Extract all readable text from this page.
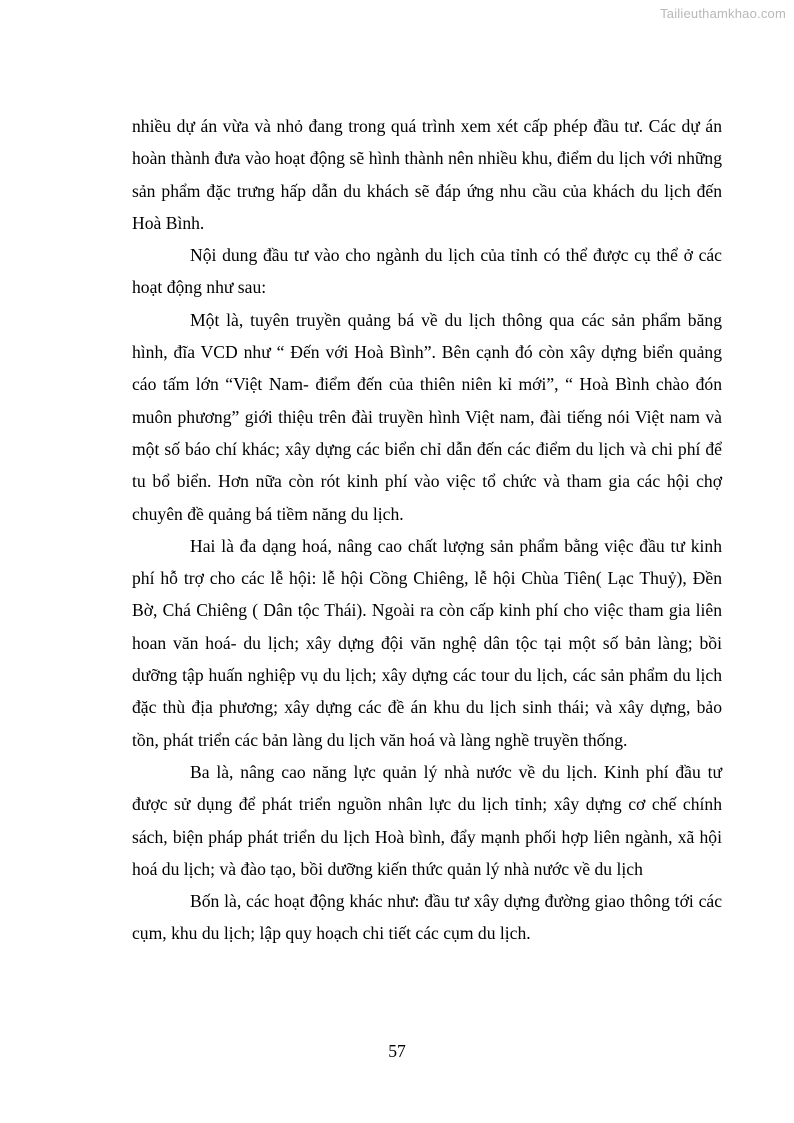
Tailieuthamkhao.com

nhiều dự án vừa và nhỏ đang trong quá trình xem xét cấp phép đầu tư. Các dự án hoàn thành đưa vào hoạt động sẽ hình thành nên nhiều khu, điểm du lịch với những sản phẩm đặc trưng hấp dẫn du khách sẽ đáp ứng nhu cầu của khách du lịch đến Hoà Bình.

Nội dung đầu tư vào cho ngành du lịch của tỉnh có thể được cụ thể ở các hoạt động như sau:

Một là, tuyên truyền quảng bá về du lịch thông qua các sản phẩm băng hình, đĩa VCD như “ Đến với Hoà Bình”. Bên cạnh đó còn xây dựng biển quảng cáo tấm lớn “Việt Nam- điểm đến của thiên niên kỉ mới”, “ Hoà Bình chào đón muôn phương” giới thiệu trên đài truyền hình Việt nam, đài tiếng nói Việt nam và một số báo chí khác; xây dựng các biển chỉ dẫn đến các điểm du lịch và chi phí để tu bổ biển. Hơn nữa còn rót kinh phí vào việc tổ chức và tham gia các hội chợ chuyên đề quảng bá tiềm năng du lịch.

Hai là đa dạng hoá, nâng cao chất lượng sản phẩm bằng việc đầu tư kinh phí hỗ trợ cho các lễ hội: lễ hội Cồng Chiêng, lễ hội Chùa Tiên( Lạc Thuỷ), Đền Bờ, Chá Chiêng ( Dân tộc Thái). Ngoài ra còn cấp kinh phí cho việc tham gia liên hoan văn hoá- du lịch; xây dựng đội văn nghệ dân tộc tại một số bản làng; bồi dưỡng tập huấn nghiệp vụ du lịch; xây dựng các tour du lịch, các sản phẩm du lịch đặc thù địa phương; xây dựng các đề án khu du lịch sinh thái; và xây dựng, bảo tồn, phát triển các bản làng du lịch văn hoá và làng nghề truyền thống.

Ba là, nâng cao năng lực quản lý nhà nước về du lịch. Kinh phí đầu tư được sử dụng để phát triển nguồn nhân lực du lịch tỉnh; xây dựng cơ chế chính sách, biện pháp phát triển du lịch Hoà bình, đẩy mạnh phối hợp liên ngành, xã hội hoá du lịch; và đào tạo, bồi dưỡng kiến thức quản lý nhà nước về du lịch

Bốn là, các hoạt động khác như: đầu tư xây dựng đường giao thông tới các cụm, khu du lịch; lập quy hoạch chi tiết các cụm du lịch.

57
